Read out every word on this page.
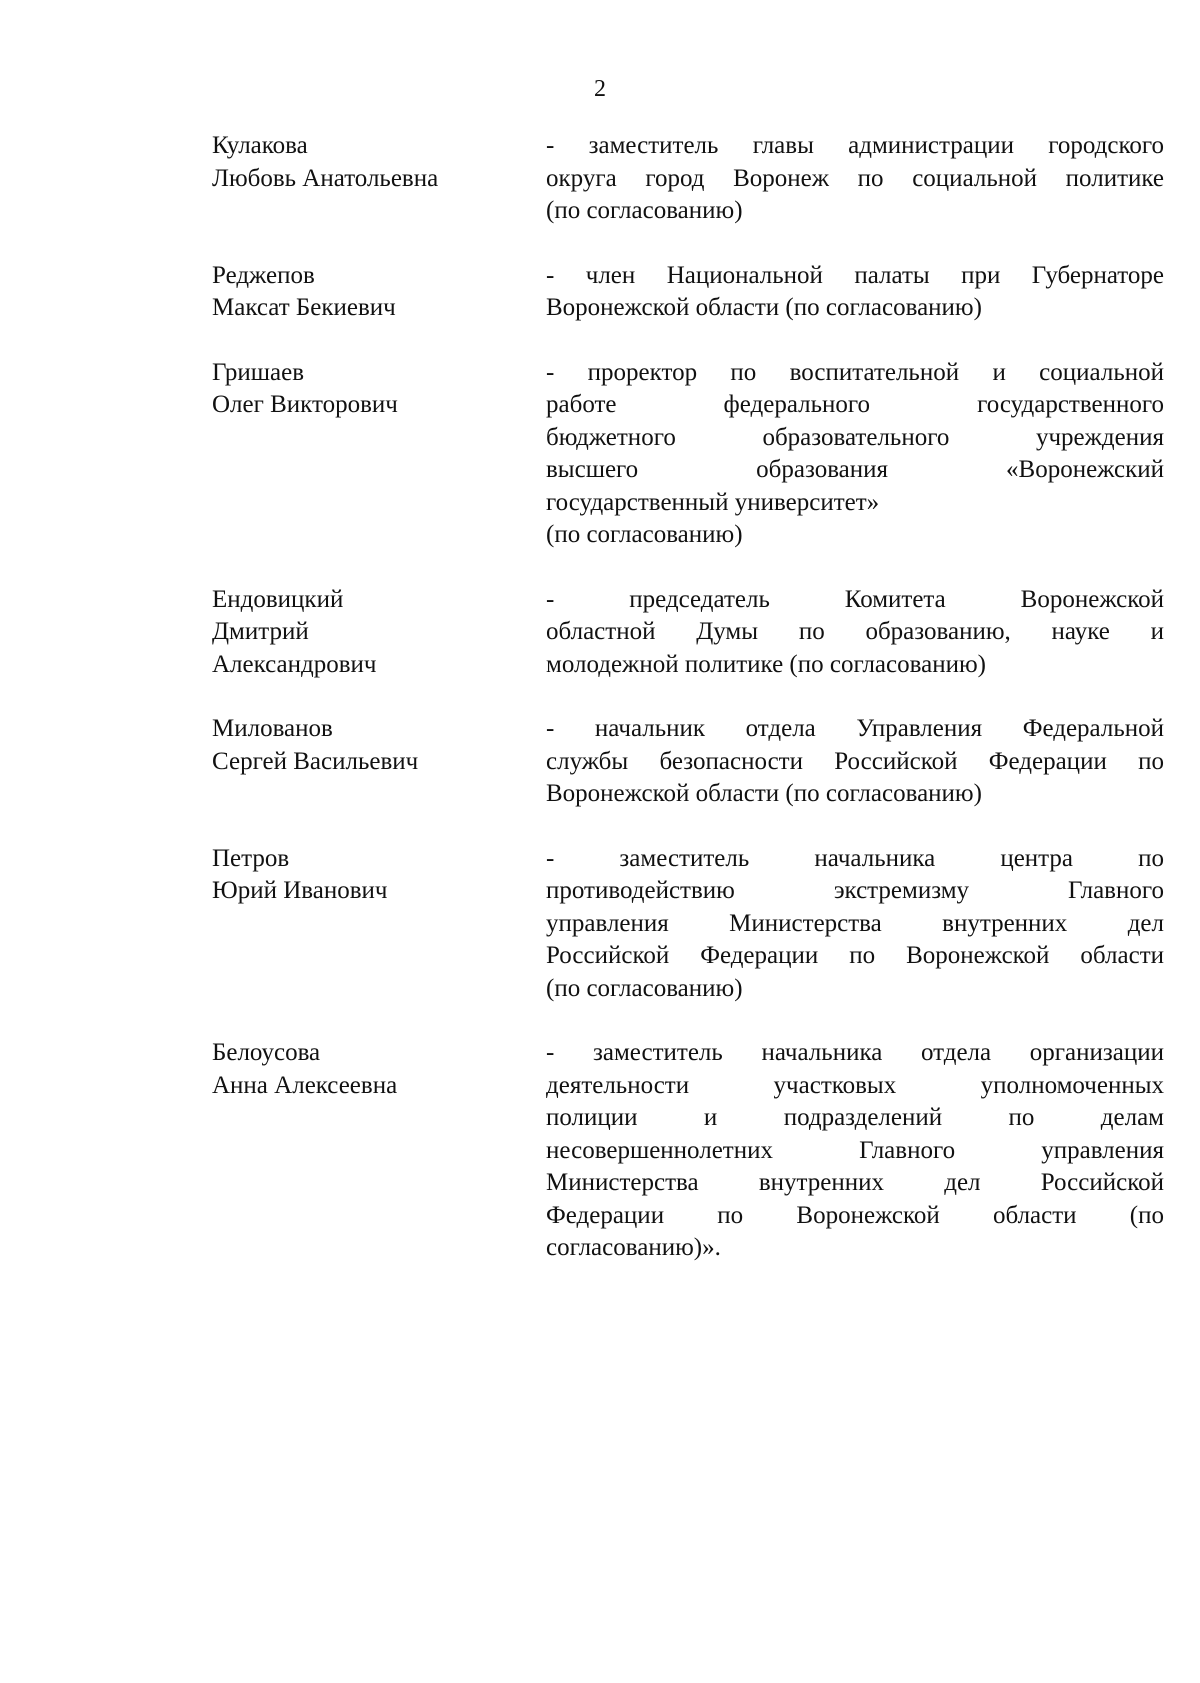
2
Кулакова
Любовь Анатольевна
- заместитель главы администрации городского
округа город Воронеж по социальной политике
(по согласованию)
Реджепов
Максат Бекиевич
- член Национальной палаты при Губернаторе
Воронежской области (по согласованию)
Гришаев
Олег Викторович
- проректор по воспитательной и социальной
работе федерального государственного
бюджетного образовательного учреждения
высшего образования «Воронежский
государственный университет»
(по согласованию)
Ендовицкий
Дмитрий
Александрович
- председатель Комитета Воронежской
областной Думы по образованию, науке и
молодежной политике (по согласованию)
Милованов
Сергей Васильевич
- начальник отдела Управления Федеральной
службы безопасности Российской Федерации по
Воронежской области (по согласованию)
Петров
Юрий Иванович
- заместитель начальника центра по
противодействию экстремизму Главного
управления Министерства внутренних дел
Российской Федерации по Воронежской области
(по согласованию)
Белоусова
Анна Алексеевна
- заместитель начальника отдела организации
деятельности участковых уполномоченных
полиции и подразделений по делам
несовершеннолетних Главного управления
Министерства внутренних дел Российской
Федерации по Воронежской области (по
согласованию)».
